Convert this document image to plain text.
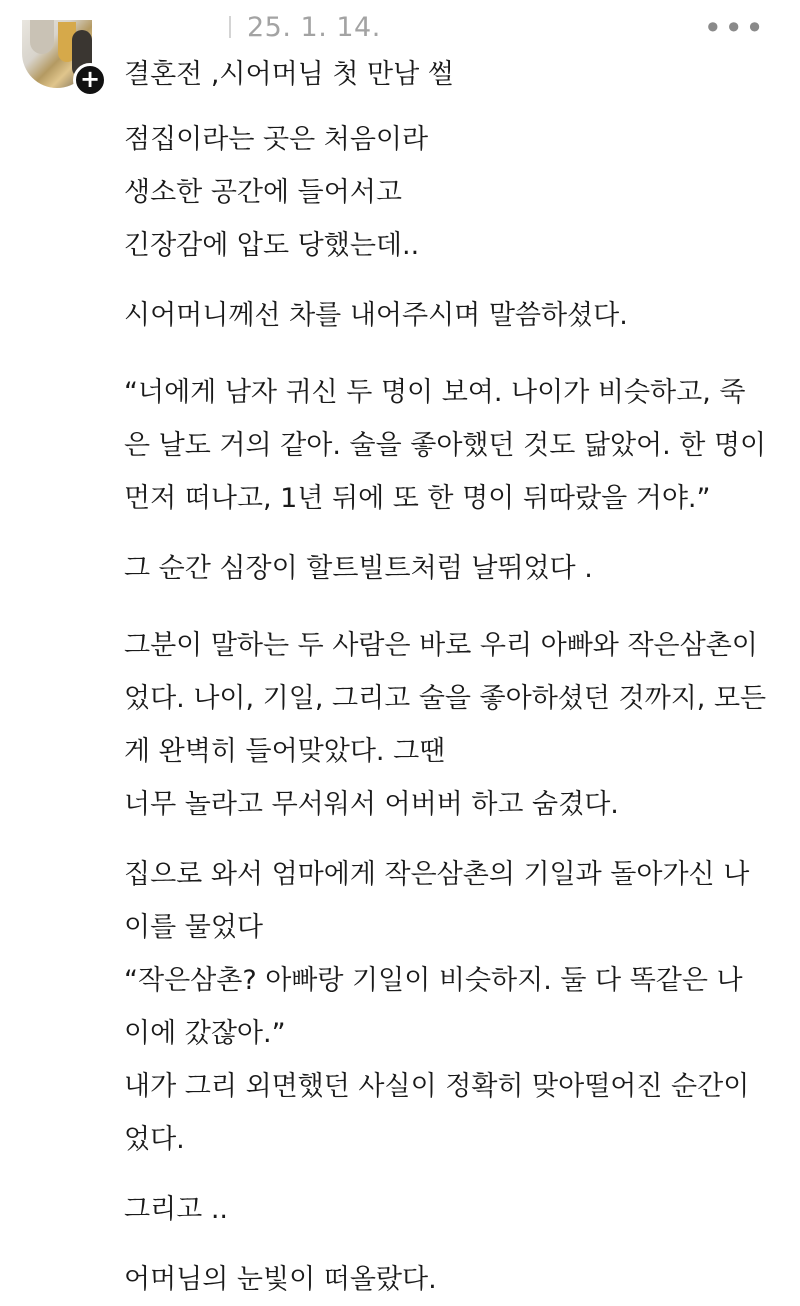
25. 1. 14.	•••
+ 결혼전 ,시어머님 첫 만남 썰
점집이라는 곳은 처음이라
생소한 공간에 들어서고
긴장감에 압도 당했는데..
시어머니께선 차를 내어주시며 말씀하셨다.
“너에게 남자 귀신 두 명이 보여. 나이가 비슷하고, 죽
은 날도 거의 같아. 술을 좋아했던 것도 닮았어. 한 명이
먼저 떠나고, 1년 뒤에 또 한 명이 뒤따랐을 거야.”
그 순간 심장이 할트빌트처럼 날뛰었다 .
그분이 말하는 두 사람은 바로 우리 아빠와 작은삼촌이
었다. 나이, 기일, 그리고 술을 좋아하셨던 것까지, 모든
게 완벽히 들어맞았다. 그땐
너무 놀라고 무서워서 어버버 하고 숨겼다.
집으로 와서 엄마에게 작은삼촌의 기일과 돌아가신 나
이를 물었다
“작은삼촌? 아빠랑 기일이 비슷하지. 둘 다 똑같은 나
이에 갔잖아.”
내가 그리 외면했던 사실이 정확히 맞아떨어진 순간이
었다.
그리고 ..
어머님의 눈빛이 떠올랐다.
